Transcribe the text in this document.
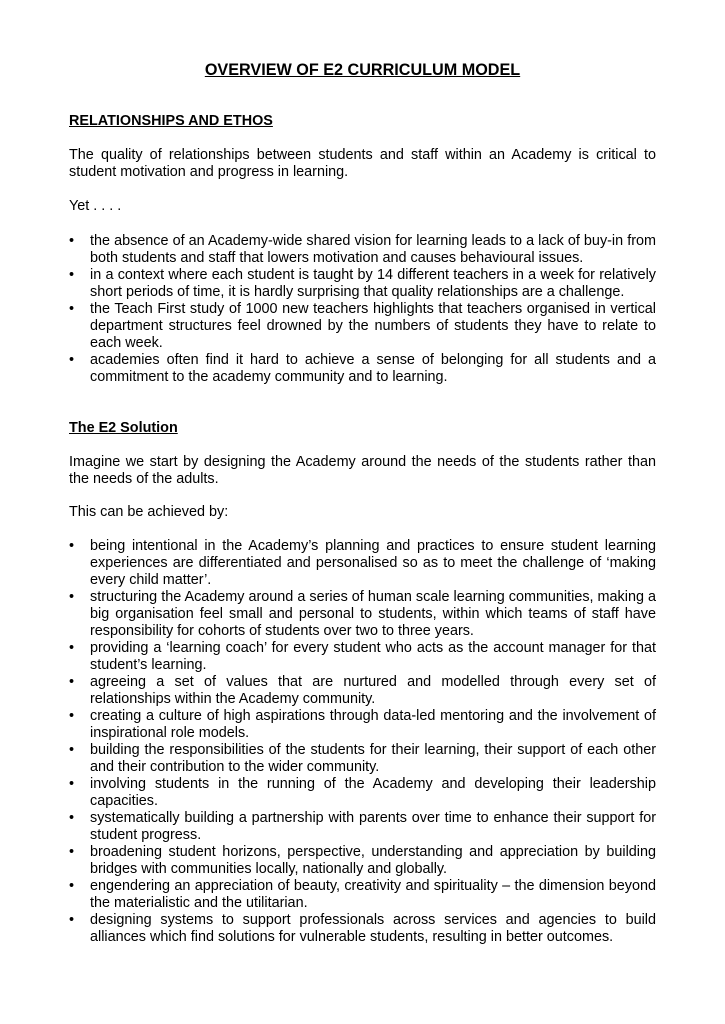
OVERVIEW OF E2 CURRICULUM MODEL
RELATIONSHIPS AND ETHOS

The quality of relationships between students and staff within an Academy is critical to student motivation and progress in learning.

Yet . . . .

•	the absence of an Academy-wide shared vision for learning leads to a lack of buy-in from both students and staff that lowers motivation and causes behavioural issues.
•	in a context where each student is taught by 14 different teachers in a week for relatively short periods of time, it is hardly surprising that quality relationships are a challenge.
•	the Teach First study of 1000 new teachers highlights that teachers organised in vertical department structures feel drowned by the numbers of students they have to relate to each week.
•	academies often find it hard to achieve a sense of belonging for all students and a commitment to the academy community and to learning.
The E2 Solution

Imagine we start by designing the Academy around the needs of the students rather than the needs of the adults.

This can be achieved by:

•	being intentional in the Academy’s planning and practices to ensure student learning experiences are differentiated and personalised so as to meet the challenge of ‘making every child matter’.
•	structuring the Academy around a series of human scale learning communities, making a big organisation feel small and personal to students, within which teams of staff have responsibility for cohorts of students over two to three years.
•	providing a ‘learning coach’ for every student who acts as the account manager for that student’s learning.
•	agreeing a set of values that are nurtured and modelled through every set of relationships within the Academy community.
•	creating a culture of high aspirations through data-led mentoring and the involvement of inspirational role models.
•	building the responsibilities of the students for their learning, their support of each other and their contribution to the wider community.
•	involving students in the running of the Academy and developing their leadership capacities.
•	systematically building a partnership with parents over time to enhance their support for student progress.
•	broadening student horizons, perspective, understanding and appreciation by building bridges with communities locally, nationally and globally.
•	engendering an appreciation of beauty, creativity and spirituality – the dimension beyond the materialistic and the utilitarian.
•	designing systems to support professionals across services and agencies to build alliances which find solutions for vulnerable students, resulting in better outcomes.
